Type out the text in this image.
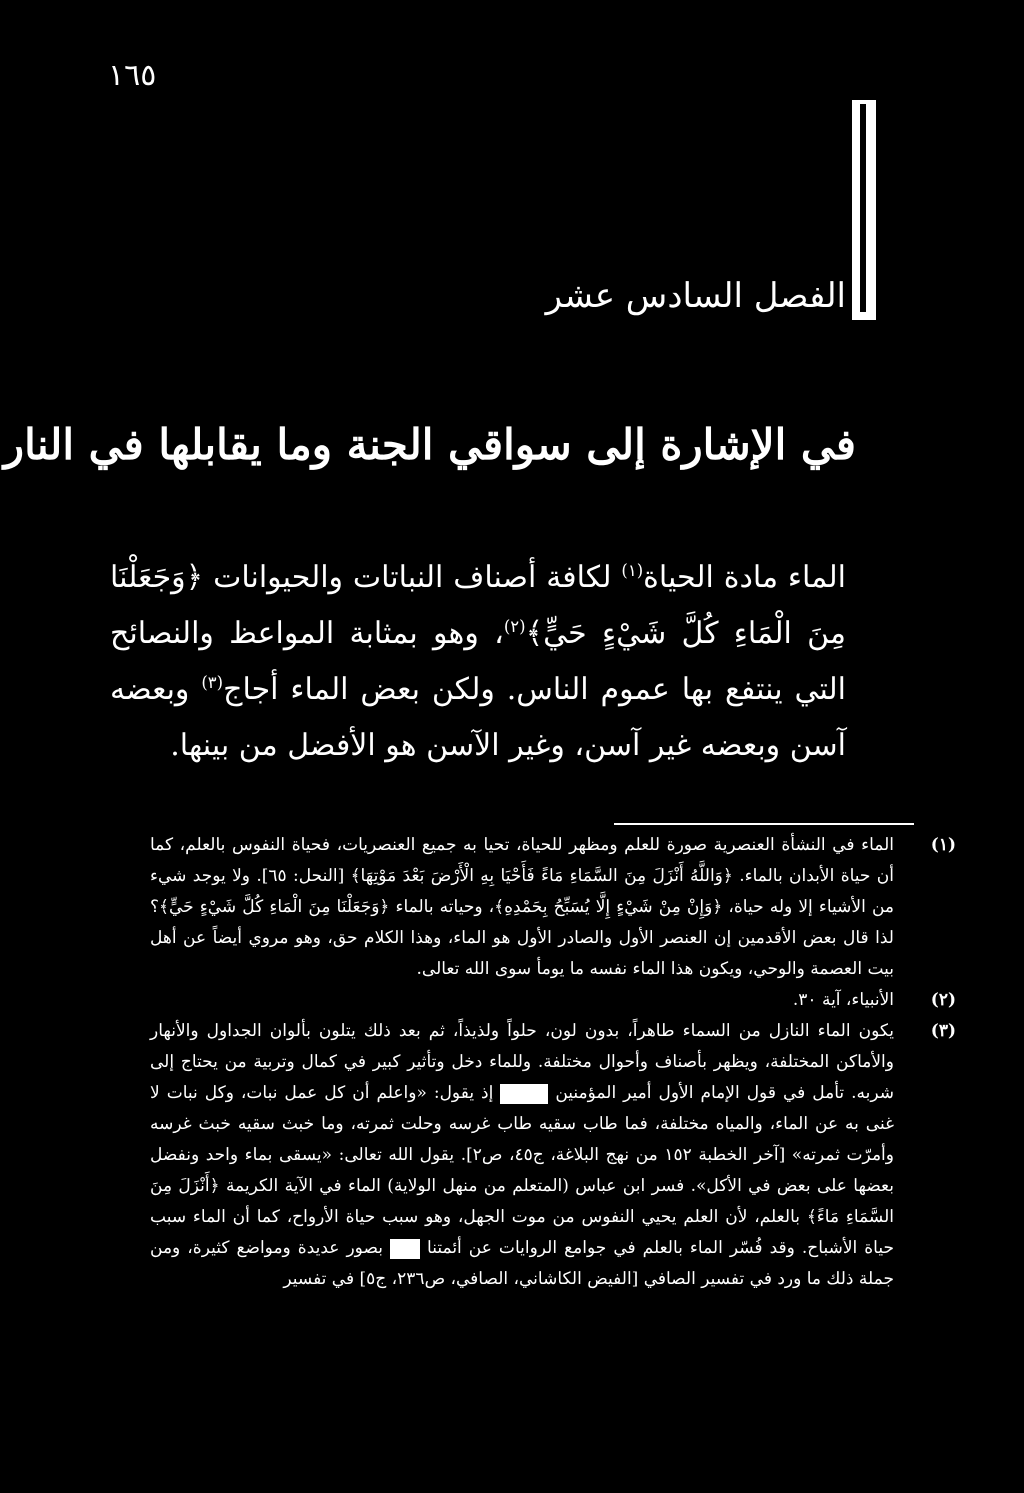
١٦٥
الفصل السادس عشر
في الإشارة إلى سواقي الجنة وما يقابلها في النار

الماء مادة الحياة$^{(١)}$ لكافة أصناف النباتات والحيوانات ﴿وَجَعَلْنَا مِنَ الْمَاءِ كُلَّ شَيْءٍ حَيٍّ﴾$^{(٢)}$، وهو بمثابة المواعظ والنصائح التي ينتفع بها عموم الناس. ولكن بعض الماء أجاج$^{(٣)}$ وبعضه آسن وبعضه غير آسن، وغير الآسن هو الأفضل من بينها.

(١)
الماء في النشأة العنصرية صورة للعلم ومظهر للحياة، تحيا به جميع العنصريات، فحياة النفوس بالعلم، كما أن حياة الأبدان بالماء. ﴿وَاللَّهُ أَنْزَلَ مِنَ السَّمَاءِ مَاءً فَأَحْيَا بِهِ الْأَرْضَ بَعْدَ مَوْتِهَا﴾ [النحل: ٦٥]. ولا يوجد شيء من الأشياء إلا وله حياة، ﴿وَإِنْ مِنْ شَيْءٍ إِلَّا يُسَبِّحُ بِحَمْدِهِ﴾، وحياته بالماء ﴿وَجَعَلْنَا مِنَ الْمَاءِ كُلَّ شَيْءٍ حَيٍّ﴾؟ لذا قال بعض الأقدمين إن العنصر الأول والصادر الأول هو الماء، وهذا الكلام حق، وهو مروي أيضاً عن أهل بيت العصمة والوحي، ويكون هذا الماء نفسه ما يومأ سوى الله تعالى.
(٢)
الأنبياء، آية ٣٠.
(٣)
يكون الماء النازل من السماء طاهراً، بدون لون، حلواً ولذيذاً، ثم بعد ذلك يتلون بألوان الجداول والأنهار والأماكن المختلفة، ويظهر بأصناف وأحوال مختلفة. وللماء دخل وتأثير كبير في كمال وتربية من يحتاج إلى شربه. تأمل في قول الإمام الأول أمير المؤمنين  إذ يقول: «واعلم أن كل عمل نبات، وكل نبات لا غنى به عن الماء، والمياه مختلفة، فما طاب سقيه طاب غرسه وحلت ثمرته، وما خبث سقيه خبث غرسه وأمرّت ثمرته» [آخر الخطبة ١٥٢ من نهج البلاغة، ج٤٥، ص٢]. يقول الله تعالى: «يسقى بماء واحد ونفضل بعضها على بعض في الأكل». فسر ابن عباس (المتعلم من منهل الولاية) الماء في الآية الكريمة ﴿أَنْزَلَ مِنَ السَّمَاءِ مَاءً﴾ بالعلم، لأن العلم يحيي النفوس من موت الجهل، وهو سبب حياة الأرواح، كما أن الماء سبب حياة الأشباح. وقد فُسّر الماء بالعلم في جوامع الروايات عن أئمتنا  بصور عديدة ومواضع كثيرة، ومن جملة ذلك ما ورد في تفسير الصافي [الفيض الكاشاني، الصافي، ص٢٣٦، ج٥] في تفسير
